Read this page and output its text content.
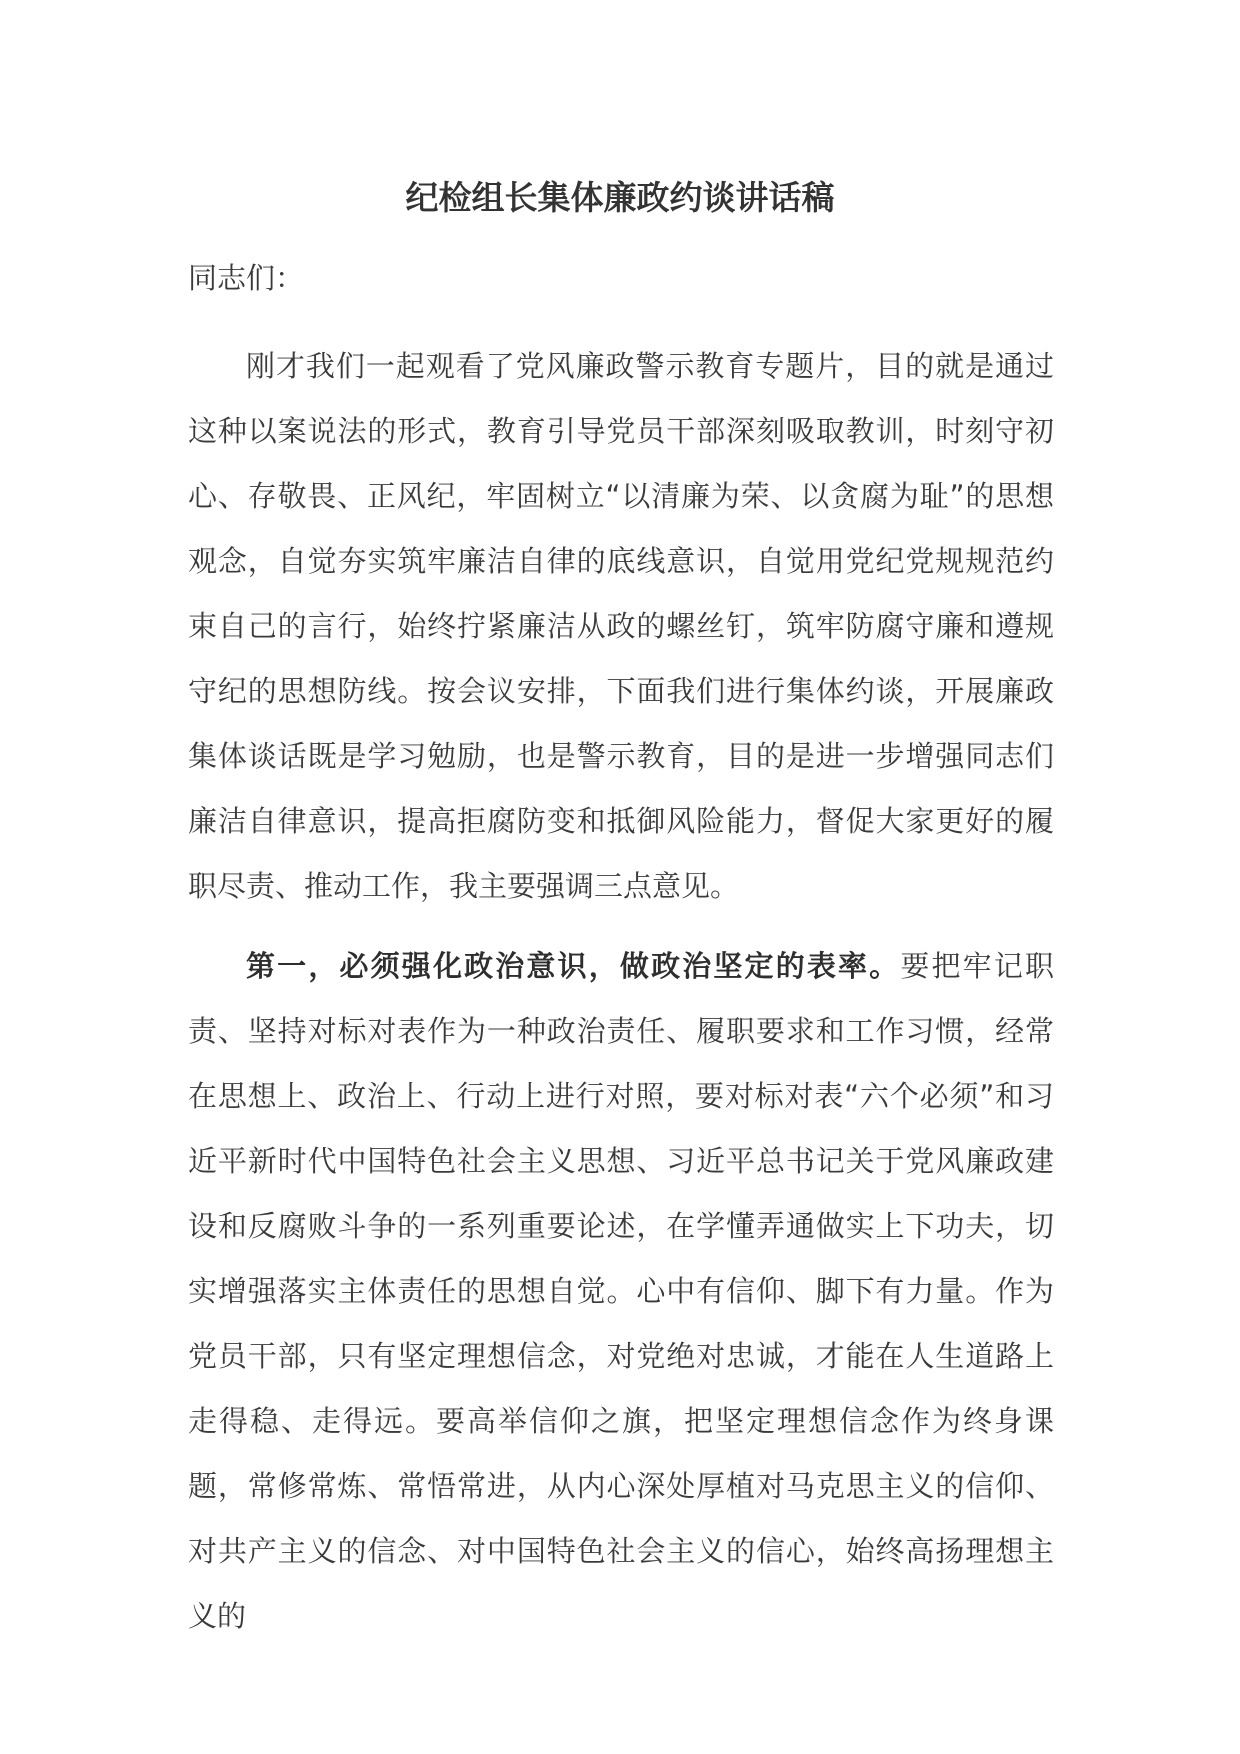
纪检组长集体廉政约谈讲话稿
同志们：

刚才我们一起观看了党风廉政警示教育专题片，目的就是通过这种以案说法的形式，教育引导党员干部深刻吸取教训，时刻守初心、存敬畏、正风纪，牢固树立“以清廉为荣、以贪腐为耻”的思想观念，自觉夯实筑牢廉洁自律的底线意识，自觉用党纪党规规范约束自己的言行，始终拧紧廉洁从政的螺丝钉，筑牢防腐守廉和遵规守纪的思想防线。按会议安排，下面我们进行集体约谈，开展廉政集体谈话既是学习勉励，也是警示教育，目的是进一步增强同志们廉洁自律意识，提高拒腐防变和抵御风险能力，督促大家更好的履职尽责、推动工作，我主要强调三点意见。

第一，必须强化政治意识，做政治坚定的表率。要把牢记职责、坚持对标对表作为一种政治责任、履职要求和工作习惯，经常在思想上、政治上、行动上进行对照，要对标对表“六个必须”和习近平新时代中国特色社会主义思想、习近平总书记关于党风廉政建设和反腐败斗争的一系列重要论述，在学懂弄通做实上下功夫，切实增强落实主体责任的思想自觉。心中有信仰、脚下有力量。作为党员干部，只有坚定理想信念，对党绝对忠诚，才能在人生道路上走得稳、走得远。要高举信仰之旗，把坚定理想信念作为终身课题，常修常炼、常悟常进，从内心深处厚植对马克思主义的信仰、对共产主义的信念、对中国特色社会主义的信心，始终高扬理想主义的
